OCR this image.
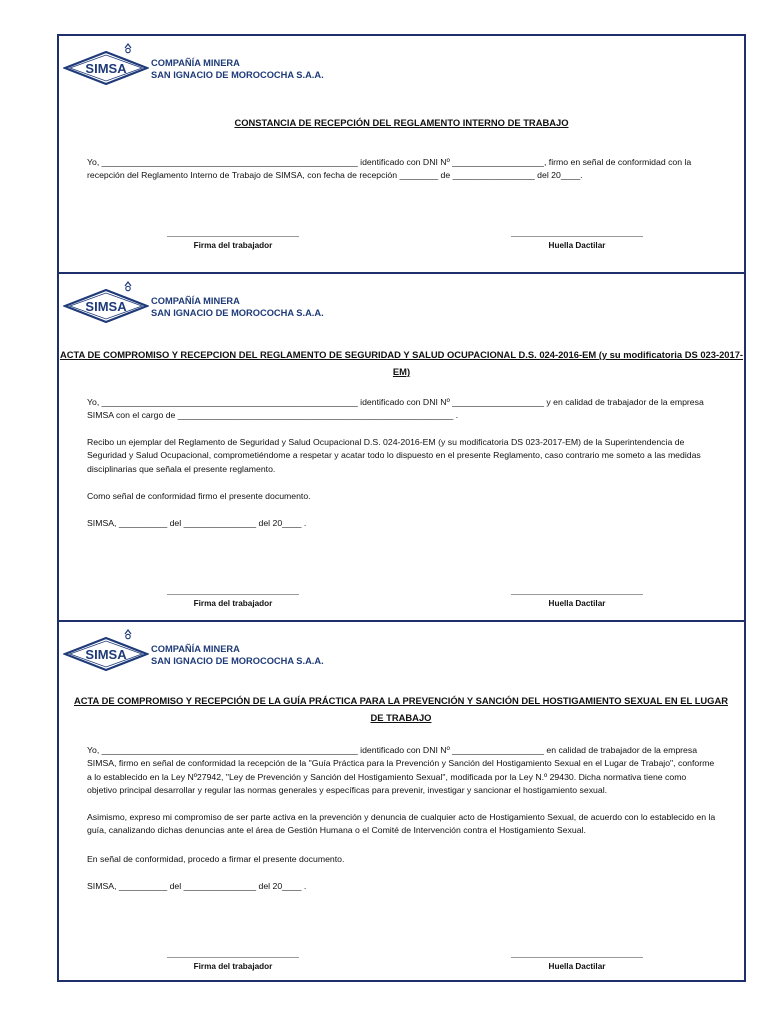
SIMSA	COMPAÑÍA MINERA
SAN IGNACIO DE MOROCOCHA S.A.A.
CONSTANCIA DE RECEPCIÓN DEL REGLAMENTO INTERNO DE TRABAJO
Yo, _____________________________________________________ identificado con DNI Nº ___________________, firmo en señal de conformidad con la recepción del Reglamento Interno de Trabajo de SIMSA, con fecha de recepción ________ de _________________ del 20____.
Firma del trabajador	Huella Dactilar
SIMSA	COMPAÑÍA MINERA
SAN IGNACIO DE MOROCOCHA S.A.A.
ACTA DE COMPROMISO Y RECEPCION DEL REGLAMENTO DE SEGURIDAD Y SALUD OCUPACIONAL D.S. 024-2016-EM (y su modificatoria DS 023-2017-EM)
Yo, _____________________________________________________ identificado con DNI Nº ___________________ y en calidad de trabajador de la empresa SIMSA con el cargo de _________________________________________________________ .
Recibo un ejemplar del Reglamento de Seguridad y Salud Ocupacional D.S. 024-2016-EM (y su modificatoria DS 023-2017-EM) de la Superintendencia de Seguridad y Salud Ocupacional, comprometiéndome a respetar y acatar todo lo dispuesto en el presente Reglamento, caso contrario me someto a las medidas disciplinarias que señala el presente reglamento.
Como señal de conformidad firmo el presente documento.
SIMSA, __________ del _______________ del 20____ .
Firma del trabajador	Huella Dactilar
SIMSA	COMPAÑÍA MINERA
SAN IGNACIO DE MOROCOCHA S.A.A.
ACTA DE COMPROMISO Y RECEPCIÓN DE LA GUÍA PRÁCTICA PARA LA PREVENCIÓN Y SANCIÓN DEL HOSTIGAMIENTO SEXUAL EN EL LUGAR DE TRABAJO
Yo, _____________________________________________________ identificado con DNI Nº ___________________ en calidad de trabajador de la empresa SIMSA, firmo en señal de conformidad la recepción de la "Guía Práctica para la Prevención y Sanción del Hostigamiento Sexual en el Lugar de Trabajo", conforme a lo establecido en la Ley Nº27942, "Ley de Prevención y Sanción del Hostigamiento Sexual", modificada por la Ley N.º 29430. Dicha normativa tiene como objetivo principal desarrollar y regular las normas generales y específicas para prevenir, investigar y sancionar el hostigamiento sexual.
Asimismo, expreso mi compromiso de ser parte activa en la prevención y denuncia de cualquier acto de Hostigamiento Sexual, de acuerdo con lo establecido en la guía, canalizando dichas denuncias ante el área de Gestión Humana o el Comité de Intervención contra el Hostigamiento Sexual.
En señal de conformidad, procedo a firmar el presente documento.
SIMSA, __________ del _______________ del 20____ .
Firma del trabajador	Huella Dactilar
